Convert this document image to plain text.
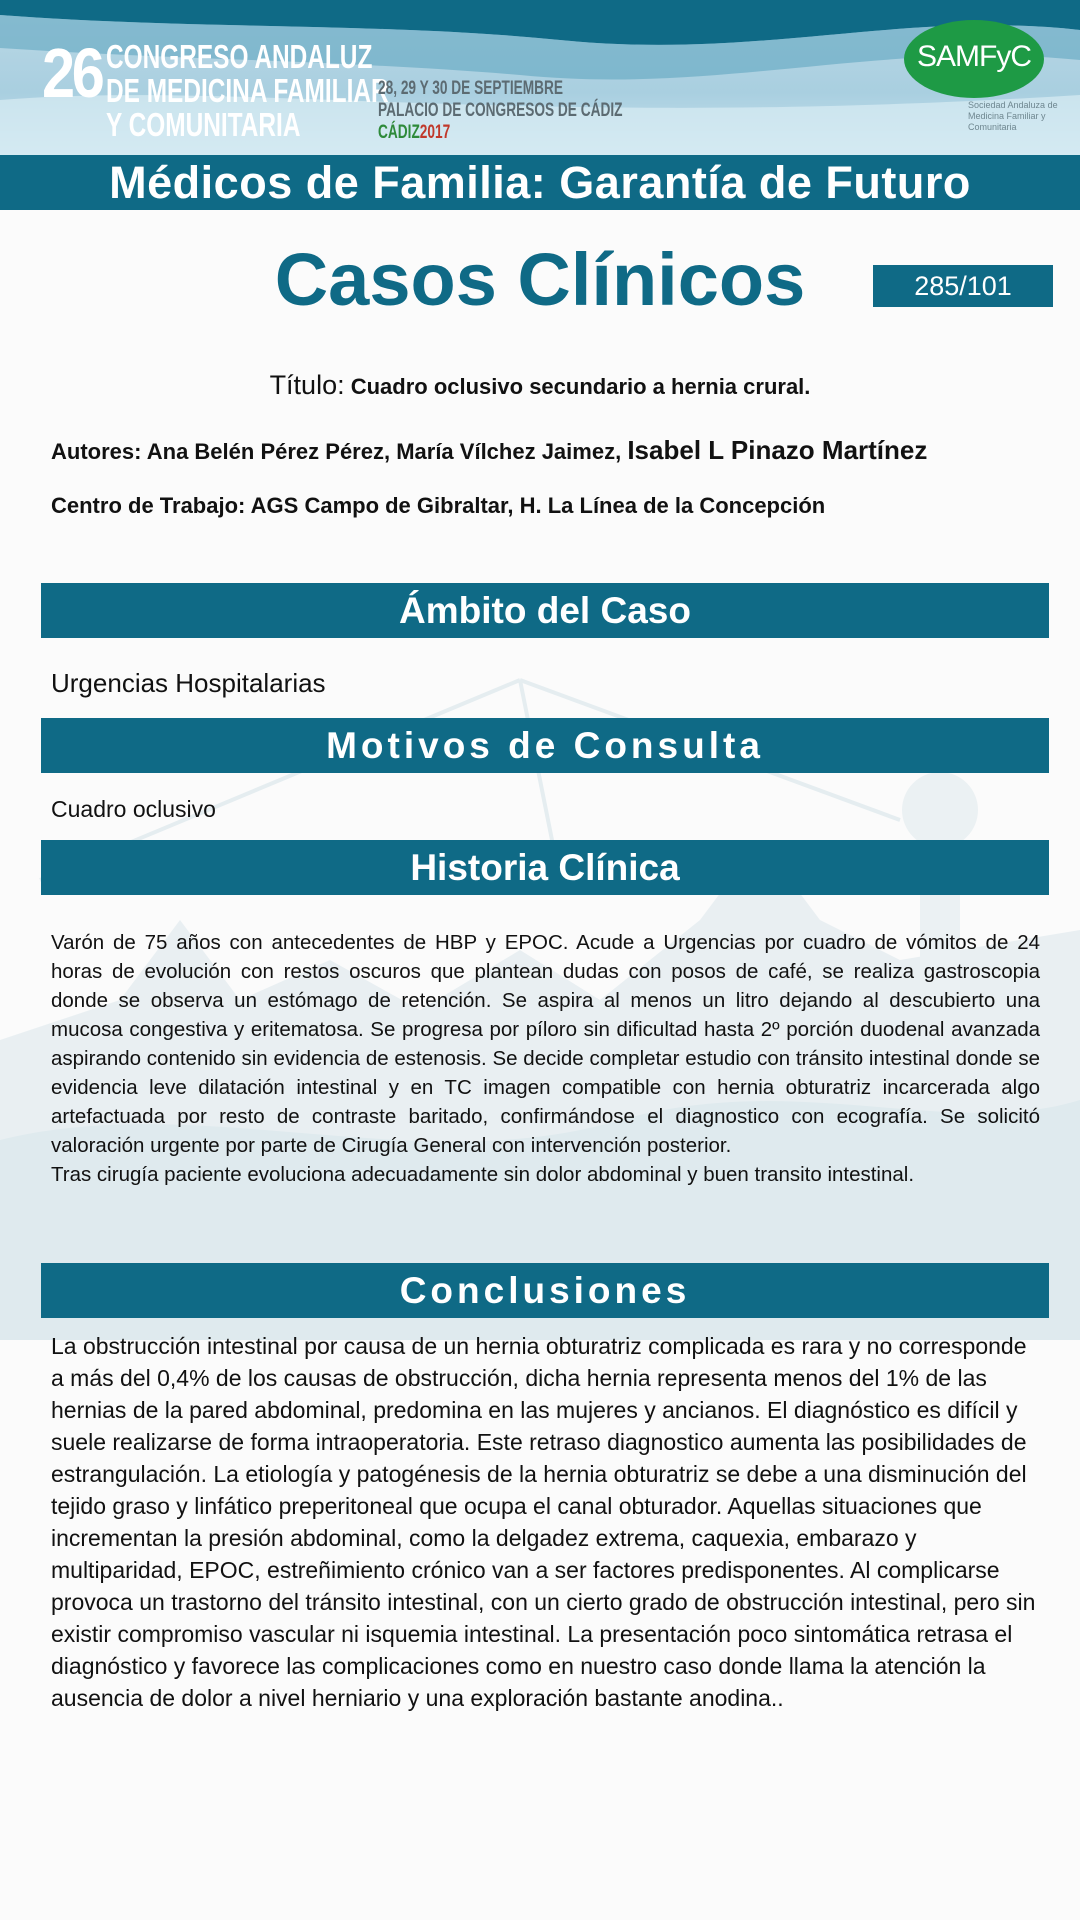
26 CONGRESO ANDALUZ
DE MEDICINA FAMILIAR
Y COMUNITARIA
28, 29 Y 30 DE SEPTIEMBRE
PALACIO DE CONGRESOS DE CÁDIZ
CÁDIZ2017
SAMFyC
Sociedad Andaluza de Medicina Familiar y Comunitaria
Médicos de Familia: Garantía de Futuro
Casos Clínicos	285/101
Título: Cuadro oclusivo secundario a hernia crural.
Autores: Ana Belén Pérez Pérez, María Vílchez Jaimez, Isabel L Pinazo Martínez
Centro de Trabajo: AGS Campo de Gibraltar, H. La Línea de la Concepción
Ámbito del Caso
Urgencias Hospitalarias
Motivos de Consulta
Cuadro oclusivo
Historia Clínica

Varón de 75 años con antecedentes de HBP y EPOC. Acude a Urgencias por cuadro de vómitos de 24 horas de evolución con restos oscuros que plantean dudas con posos de café, se realiza gastroscopia donde se observa un estómago de retención. Se aspira al menos un litro dejando al descubierto una mucosa congestiva y eritematosa. Se progresa por píloro sin dificultad hasta 2º porción duodenal avanzada aspirando contenido sin evidencia de estenosis. Se decide completar estudio con tránsito intestinal donde se evidencia leve dilatación intestinal y en TC imagen compatible con hernia obturatriz incarcerada algo artefactuada por resto de contraste baritado, confirmándose el diagnostico con ecografía. Se solicitó valoración urgente por parte de Cirugía General con intervención posterior.

Tras cirugía paciente evoluciona adecuadamente sin dolor abdominal y buen transito intestinal.

Conclusiones
La obstrucción intestinal por causa de un hernia obturatriz complicada es rara y no corresponde a más del 0,4% de los causas de obstrucción, dicha hernia representa menos del 1% de las hernias de la pared abdominal, predomina en las mujeres y ancianos. El diagnóstico es difícil y suele realizarse de forma intraoperatoria. Este retraso diagnostico aumenta las posibilidades de estrangulación. La etiología y patogénesis de la hernia obturatriz se debe a una disminución del tejido graso y linfático preperitoneal que ocupa el canal obturador. Aquellas situaciones que incrementan la presión abdominal, como la delgadez extrema, caquexia, embarazo y multiparidad, EPOC, estreñimiento crónico van a ser factores predisponentes. Al complicarse provoca un trastorno del tránsito intestinal, con un cierto grado de obstrucción intestinal, pero sin existir compromiso vascular ni isquemia intestinal. La presentación poco sintomática retrasa el diagnóstico y favorece las complicaciones como en nuestro caso donde llama la atención la ausencia de dolor a nivel herniario y una exploración bastante anodina..
